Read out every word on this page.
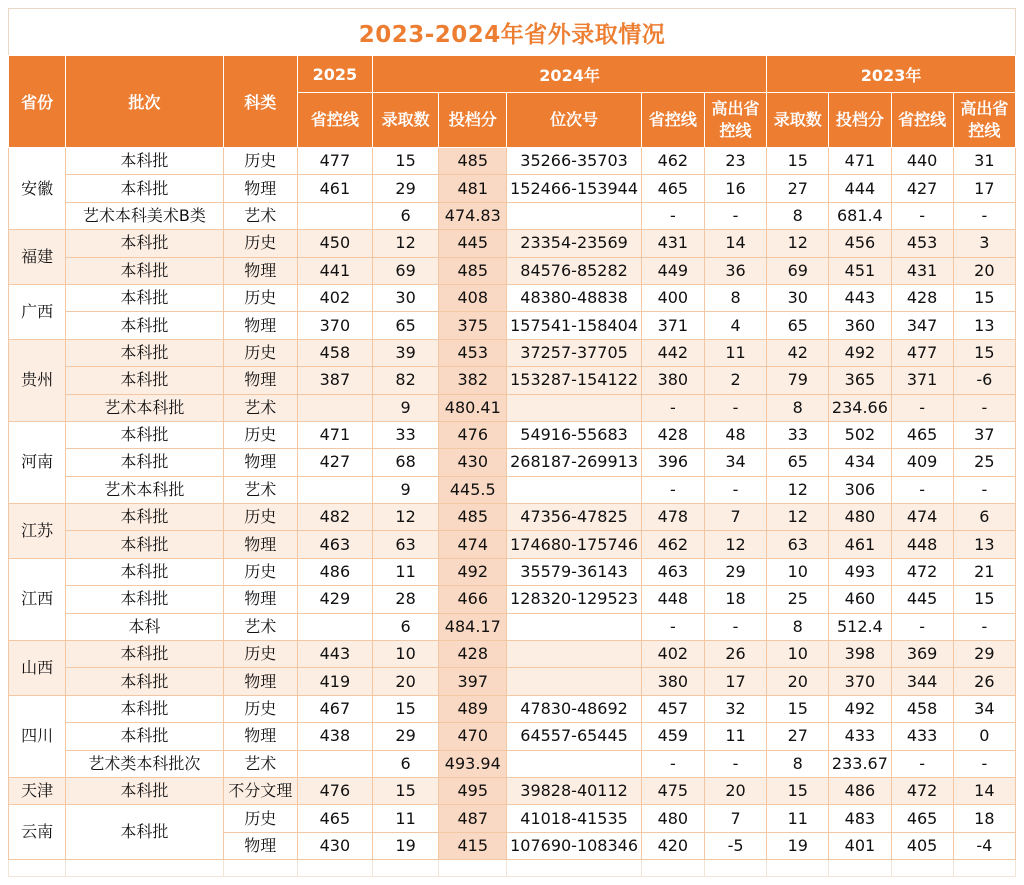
2023-2024年省外录取情况
省份	批次	科类	2025	2024年					2023年			
			省控线	录取数	投档分	位次号	省控线	高出省控线	录取数	投档分	省控线	高出省控线
安徽	本科批	历史	477	15	485	35266-35703	462	23	15	471	440	31
	本科批	物理	461	29	481	152466-153944	465	16	27	444	427	17
	艺术本科美术B类	艺术		6	474.83		-	-	8	681.4	-	-
福建	本科批	历史	450	12	445	23354-23569	431	14	12	456	453	3
	本科批	物理	441	69	485	84576-85282	449	36	69	451	431	20
广西	本科批	历史	402	30	408	48380-48838	400	8	30	443	428	15
	本科批	物理	370	65	375	157541-158404	371	4	65	360	347	13
贵州	本科批	历史	458	39	453	37257-37705	442	11	42	492	477	15
	本科批	物理	387	82	382	153287-154122	380	2	79	365	371	-6
	艺术本科批	艺术		9	480.41		-	-	8	234.66	-	-
河南	本科批	历史	471	33	476	54916-55683	428	48	33	502	465	37
	本科批	物理	427	68	430	268187-269913	396	34	65	434	409	25
	艺术本科批	艺术		9	445.5		-	-	12	306	-	-
江苏	本科批	历史	482	12	485	47356-47825	478	7	12	480	474	6
	本科批	物理	463	63	474	174680-175746	462	12	63	461	448	13
江西	本科批	历史	486	11	492	35579-36143	463	29	10	493	472	21
	本科批	物理	429	28	466	128320-129523	448	18	25	460	445	15
	本科	艺术		6	484.17		-	-	8	512.4	-	-
山西	本科批	历史	443	10	428		402	26	10	398	369	29
	本科批	物理	419	20	397		380	17	20	370	344	26
四川	本科批	历史	467	15	489	47830-48692	457	32	15	492	458	34
	本科批	物理	438	29	470	64557-65445	459	11	27	433	433	0
	艺术类本科批次	艺术		6	493.94		-	-	8	233.67	-	-
天津	本科批	不分文理	476	15	495	39828-40112	475	20	15	486	472	14
云南	本科批	历史	465	11	487	41018-41535	480	7	11	483	465	18
		物理	430	19	415	107690-108346	420	-5	19	401	405	-4
